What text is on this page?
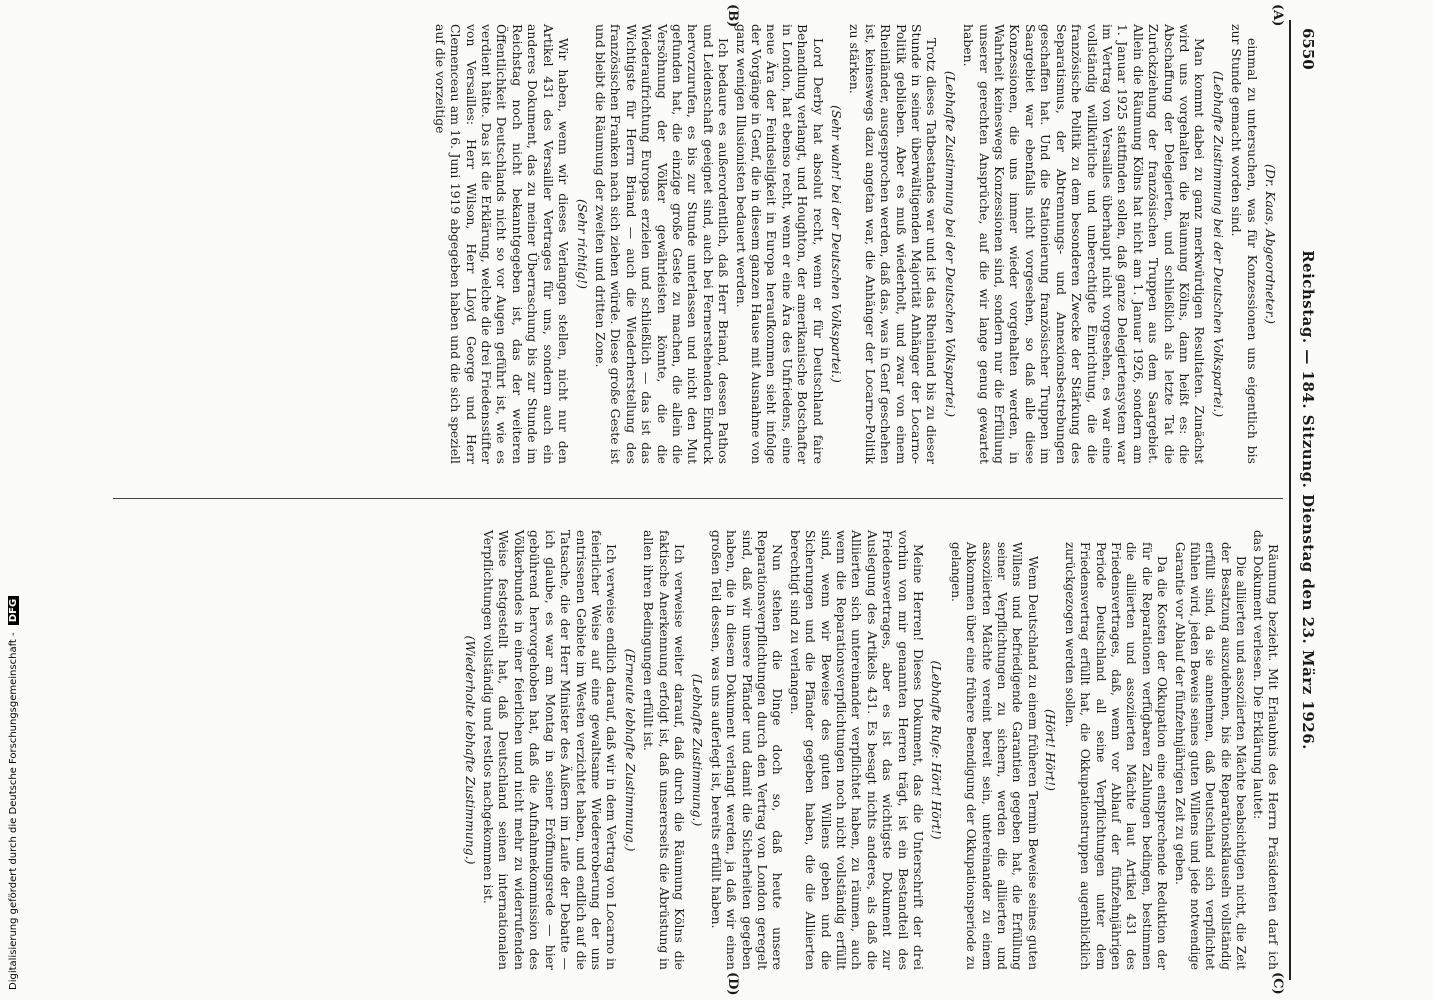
Reichstag. — 184. Sitzung. Dienstag den 23. März 1926.
6550
(A)
(B)
(C)
(D)
(Dr. Kaas, Abgeordneter.)
einmal zu untersuchen, was für Konzessionen uns eigentlich bis zur Stunde gemacht worden sind.
(Lebhafte Zustimmung bei der Deutschen Volkspartei.)
Man kommt dabei zu ganz merkwürdigen Resultaten. Zunächst wird uns vorgehalten die Räumung Kölns, dann heißt es: die Abschaffung der Delegierten, und schließlich als letzte Tat die Zurückziehung der französischen Truppen aus dem Saargebiet. Allein die Räumung Kölns hat nicht am 1. Januar 1926, sondern am 1. Januar 1925 stattfinden sollen, daß ganze Delegiertensystem war im Vertrag von Versailles überhaupt nicht vorgesehen, es war eine vollständig willkürliche und unberechtigte Einrichtung, die die französische Politik zu dem besonderen Zwecke der Stärkung des Separatismus, der Abtrennungs- und Annexionsbestrebungen geschaffen hat. Und die Stationierung französischer Truppen im Saargebiet war ebenfalls nicht vorgesehen, so daß alle diese Konzessionen, die uns immer wieder vorgehalten werden, in Wahrheit keineswegs Konzessionen sind, sondern nur die Erfüllung unserer gerechten Ansprüche, auf die wir lange genug gewartet haben.
(Lebhafte Zustimmung bei der Deutschen Volkspartei.)
Trotz dieses Tatbestandes war und ist das Rheinland bis zu dieser Stunde in seiner überwältigenden Majorität Anhänger der Locarno-Politik geblieben. Aber es muß wiederholt, und zwar von einem Rheinländer, ausgesprochen werden, daß das, was in Genf geschehen ist, keineswegs dazu angetan war, die Anhänger der Locarno-Politik zu stärken.
(Sehr wahr! bei der Deutschen Volkspartei.)
Lord Derby hat absolut recht, wenn er für Deutschland faire Behandlung verlangt, und Houghton, der amerikanische Botschafter in London, hat ebenso recht, wenn er eine Ära des Unfriedens, eine neue Ära der Feindseligkeit in Europa heraufkommen sieht infolge der Vorgänge in Genf, die in diesem ganzen Hause mit Ausnahme von ganz wenigen Illusionisten bedauert werden.
Ich bedaure es außerordentlich, daß Herr Briand, dessen Pathos und Leidenschaft geeignet sind, auch bei Fernerstehenden Eindruck hervorzurufen, es bis zur Stunde unterlassen und nicht den Mut gefunden hat, die einzige große Geste zu machen, die allein die Versöhnung der Völker gewährleisten könnte, die die Wiederaufrichtung Europas erzielen und schließlich — das ist das Wichtigste für Herrn Briand — auch die Wiederherstellung des französischen Franken nach sich ziehen würde. Diese große Geste ist und bleibt die Räumung der zweiten und dritten Zone.
(Sehr richtig!)
Wir haben, wenn wir dieses Verlangen stellen, nicht nur den Artikel 431 des Versailler Vertrages für uns, sondern auch ein anderes Dokument, das zu meiner Überraschung bis zur Stunde im Reichstag noch nicht bekanntgegeben ist, das der weiteren Öffentlichkeit Deutschlands nicht so vor Augen geführt ist, wie es verdient hätte. Das ist die Erklärung, welche die drei Friedensstifter von Versailles: Herr Wilson, Herr Lloyd George und Herr Clemenceau am 16. Juni 1919 abgegeben haben und die sich speziell auf die vorzeitige
Räumung bezieht. Mit Erlaubnis des Herrn Präsidenten darf ich das Dokument verlesen. Die Erklärung lautet:
Die alliierten und assoziierten Mächte beabsichtigen nicht, die Zeit der Besatzung auszudehnen, bis die Reparationsklauseln vollständig erfüllt sind, da sie annehmen, daß Deutschland sich verpflichtet fühlen wird, jeden Beweis seines guten Willens und jede notwendige Garantie vor Ablauf der fünfzehnjährigen Zeit zu geben.
Da die Kosten der Okkupation eine entsprechende Reduktion der für die Reparationen verfügbaren Zahlungen bedingen, bestimmen die alliierten und assoziierten Mächte laut Artikel 431 des Friedensvertrages, daß, wenn vor Ablauf der fünfzehnjährigen Periode Deutschland all seine Verpflichtungen unter dem Friedensvertrag erfüllt hat, die Okkupationstruppen augenblicklich zurückgezogen werden sollen.
(Hört! Hört!)
Wenn Deutschland zu einem früheren Termin Beweise seines guten Willens und befriedigende Garantien gegeben hat, die Erfüllung seiner Verpflichtungen zu sichern, werden die alliierten und assoziierten Mächte vereint bereit sein, untereinander zu einem Abkommen über eine frühere Beendigung der Okkupationsperiode zu gelangen.
(Lebhafte Rufe: Hört! Hört!)
Meine Herren! Dieses Dokument, das die Unterschrift der drei vorhin von mir genannten Herren trägt, ist ein Bestandteil des Friedensvertrages, aber es ist das wichtigste Dokument zur Auslegung des Artikels 431. Es besagt nichts anderes, als daß die Alliierten sich untereinander verpflichtet haben, zu räumen, auch wenn die Reparationsverpflichtungen noch nicht vollständig erfüllt sind, wenn wir Beweise des guten Willens geben und die Sicherungen und die Pfänder gegeben haben, die die Alliierten berechtigt sind zu verlangen.
Nun stehen die Dinge doch so, daß heute unsere Reparationsverpflichtungen durch den Vertrag von London geregelt sind, daß wir unsere Pfänder und damit die Sicherheiten gegeben haben, die in diesem Dokument verlangt werden, ja daß wir einen großen Teil dessen, was uns auferlegt ist, bereits erfüllt haben.
(Lebhafte Zustimmung.)
Ich verweise weiter darauf, daß durch die Räumung Kölns die faktische Anerkennung erfolgt ist, daß unsererseits die Abrüstung in allen ihren Bedingungen erfüllt ist.
(Erneute lebhafte Zustimmung.)
Ich verweise endlich darauf, daß wir in dem Vertrag von Locarno in feierlicher Weise auf eine gewaltsame Wiedereroberung der uns entrissenen Gebiete im Westen verzichtet haben, und endlich auf die Tatsache, die der Herr Minister des Äußern im Laufe der Debatte — ich glaube, es war am Montag in seiner Eröffnungsrede — hier gebührend hervorgehoben hat, daß die Aufnahmekommission des Völkerbundes in einer feierlichen und nicht mehr zu widerrufenden Weise festgestellt hat, daß Deutschland seinen internationalen Verpflichtungen vollständig und restlos nachgekommen ist.
(Wiederholte lebhafte Zustimmung.)
Digitalisierung gefördert durch die Deutsche Forschungsgemeinschaft - DFG
